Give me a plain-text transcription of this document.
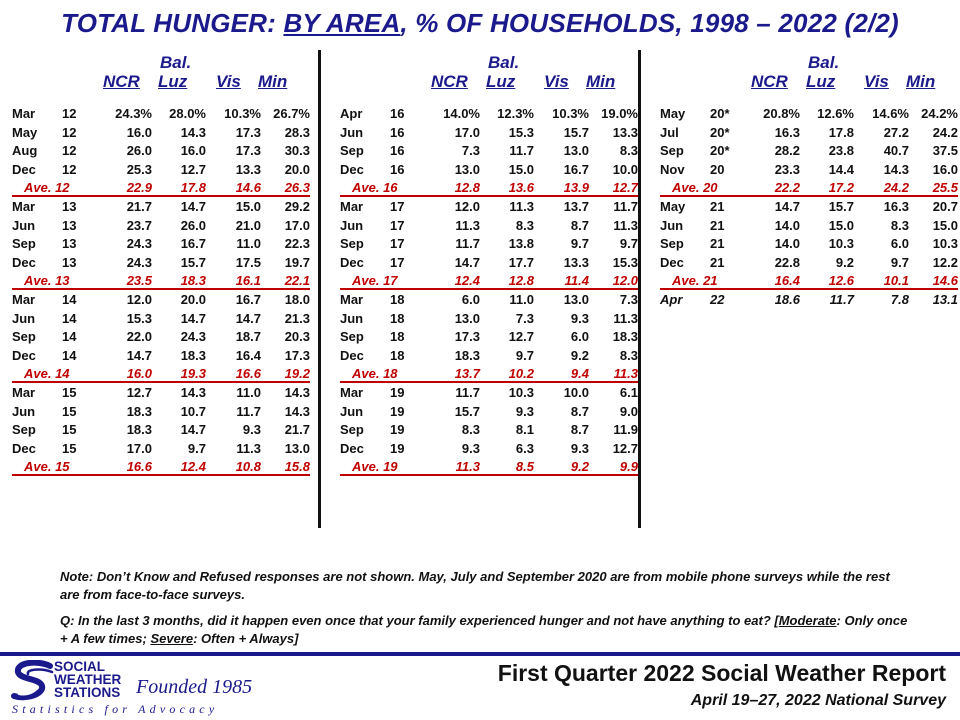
TOTAL HUNGER: BY AREA, % OF HOUSEHOLDS, 1998 – 2022 (2/2)
Bal.
NCR Luz Vis Min
Mar 12	24.3% 28.0% 10.3% 26.7%
May 12	16.0 14.3 17.3 28.3
Aug 12	26.0 16.0 17.3 30.3
Dec 12	25.3 12.7 13.3 20.0
Ave. 12	22.9 17.8 14.6 26.3
Mar 13	21.7 14.7 15.0 29.2
Jun 13	23.7 26.0 21.0 17.0
Sep 13	24.3 16.7 11.0 22.3
Dec 13	24.3 15.7 17.5 19.7
Ave. 13	23.5 18.3 16.1 22.1
Mar 14	12.0 20.0 16.7 18.0
Jun 14	15.3 14.7 14.7 21.3
Sep 14	22.0 24.3 18.7 20.3
Dec 14	14.7 18.3 16.4 17.3
Ave. 14	16.0 19.3 16.6 19.2
Mar 15	12.7 14.3 11.0 14.3
Jun 15	18.3 10.7 11.7 14.3
Sep 15	18.3 14.7	9.3 21.7
Dec 15	17.0	9.7 11.3 13.0
Ave. 15	16.6 12.4 10.8 15.8
Bal.
NCR Luz Vis Min
Apr 16	14.0% 12.3% 10.3% 19.0%
Jun 16	17.0 15.3 15.7 13.3
Sep 16	7.3 11.7 13.0 8.3
Dec 16	13.0 15.0 16.7 10.0
Ave. 16	12.8 13.6 13.9 12.7
Mar 17	12.0 11.3 13.7 11.7
Jun 17	11.3	8.3	8.7 11.3
Sep 17	11.7 13.8	9.7 9.7
Dec 17	14.7 17.7 13.3 15.3
Ave. 17	12.4 12.8 11.4 12.0
Mar 18	6.0 11.0 13.0 7.3
Jun 18	13.0	7.3	9.3 11.3
Sep 18	17.3 12.7	6.0 18.3
Dec 18	18.3	9.7	9.2 8.3
Ave. 18	13.7 10.2	9.4 11.3
Mar 19	11.7 10.3 10.0 6.1
Jun 19	15.7	9.3	8.7 9.0
Sep 19	8.3	8.1	8.7 11.9
Dec 19	9.3	6.3	9.3 12.7
Ave. 19	11.3	8.5	9.2 9.9
Bal.
NCR Luz Vis Min
May 20*	20.8% 12.6% 14.6% 24.2%
Jul 20*	16.3 17.8 27.2 24.2
Sep 20*	28.2 23.8 40.7 37.5
Nov 20	23.3 14.4 14.3 16.0
Ave. 20	22.2 17.2 24.2 25.5
May 21	14.7 15.7 16.3 20.7
Jun 21	14.0 15.0	8.3 15.0
Sep 21	14.0 10.3	6.0 10.3
Dec 21	22.8	9.2	9.7 12.2
Ave. 21	16.4 12.6 10.1 14.6
Apr 22	18.6 11.7	7.8 13.1
Note: Don’t Know and Refused responses are not shown. May, July and September 2020 are from mobile phone surveys while the rest are from face-to-face surveys.
Q: In the last 3 months, did it happen even once that your family experienced hunger and not have anything to eat? [Moderate: Only once + A few times; Severe: Often + Always]
SOCIAL
WEATHER
STATIONS Founded 1985
Statistics for Advocacy
First Quarter 2022 Social Weather Report
April 19–27, 2022 National Survey
